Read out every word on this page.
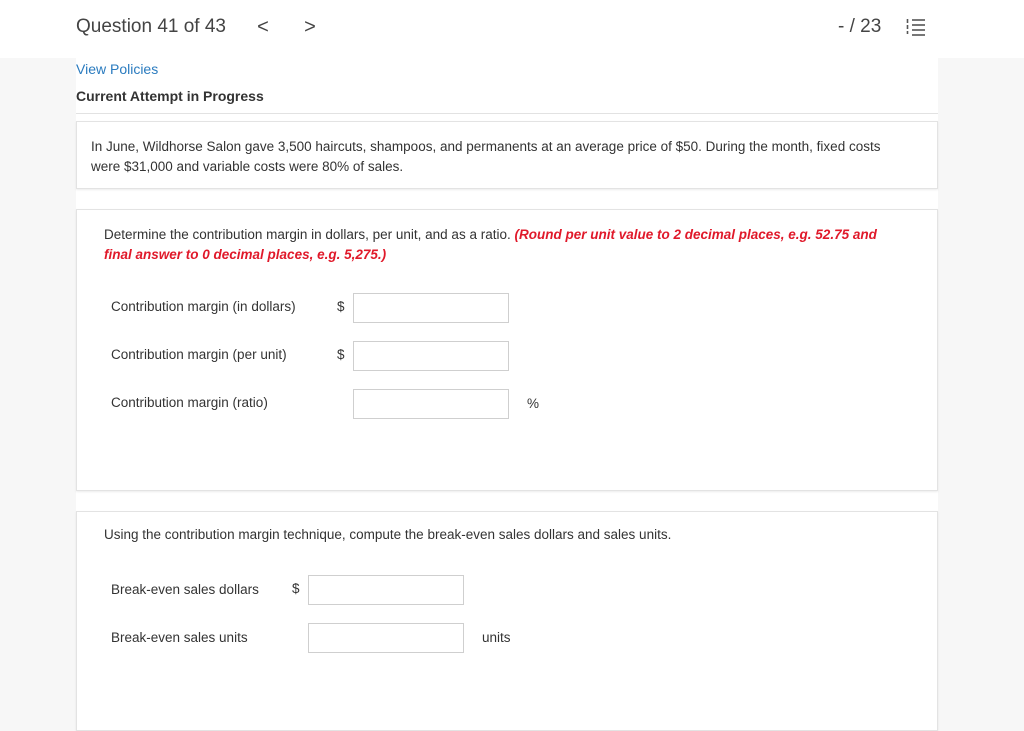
Question 41 of 43 < >	- / 23
View Policies
Current Attempt in Progress
In June, Wildhorse Salon gave 3,500 haircuts, shampoos, and permanents at an average price of $50. During the month, fixed costs were $31,000 and variable costs were 80% of sales.
Determine the contribution margin in dollars, per unit, and as a ratio. (Round per unit value to 2 decimal places, e.g. 52.75 and final answer to 0 decimal places, e.g. 5,275.)
Contribution margin (in dollars)	$
Contribution margin (per unit)	$
Contribution margin (ratio)	%
Using the contribution margin technique, compute the break-even sales dollars and sales units.
Break-even sales dollars $
Break-even sales units	units
